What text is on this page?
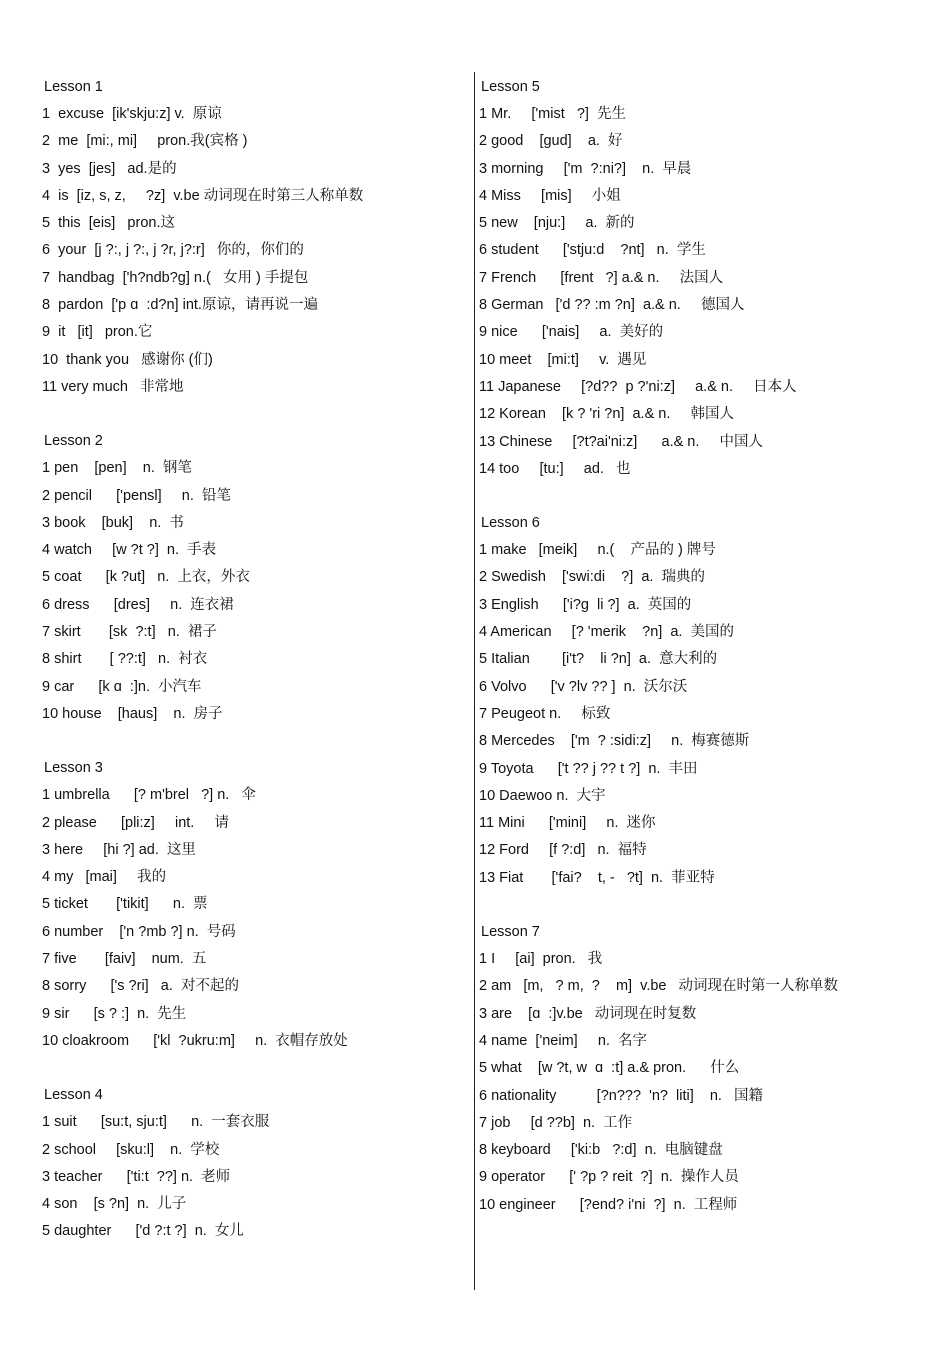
Lesson 1
1  excuse  [ik'skju:z] v.  原谅
2  me  [mi:, mi]     pron.我(宾格 )
3  yes  [jes]   ad.是的
4  is  [iz, s, z,     ?z]  v.be 动词现在时第三人称单数
5  this  [eis]   pron.这
6  your  [j ?:, j ?:, j ?r, j?:r]   你的，你们的
7  handbag  ['h?ndb?g] n.(   女用 ) 手提包
8  pardon  ['p ɑ  :d?n] int.原谅，请再说一遍
9  it   [it]   pron.它
10  thank you   感谢你 (们)
11 very much   非常地
Lesson 2
1 pen    [pen]    n.  钢笔
2 pencil      ['pensl]     n.  铅笔
3 book    [buk]    n.  书
4 watch     [w ?t ?]  n.  手表
5 coat      [k ?ut]   n.  上衣，外衣
6 dress      [dres]     n.  连衣裙
7 skirt       [sk  ?:t]   n.  裙子
8 shirt       [ ??:t]   n.  衬衣
9 car      [k ɑ  :]n.  小汽车
10 house    [haus]    n.  房子
Lesson 3
1 umbrella      [? m'brel   ?] n.   伞
2 please      [pli:z]     int.     请
3 here     [hi ?] ad.  这里
4 my   [mai]     我的
5 ticket       ['tikit]      n.  票
6 number    ['n ?mb ?] n.  号码
7 five       [faiv]    num.  五
8 sorry      ['s ?ri]   a.  对不起的
9 sir      [s ? :]  n.  先生
10 cloakroom      ['kl  ?ukru:m]     n.  衣帽存放处
Lesson 4
1 suit      [su:t, sju:t]      n.  一套衣服
2 school     [sku:l]    n.  学校
3 teacher      ['ti:t  ??] n.  老师
4 son    [s ?n]  n.  儿子
5 daughter      ['d ?:t ?]  n.  女儿
Lesson 5
1 Mr.     ['mist   ?]  先生
2 good    [gud]    a.  好
3 morning     ['m  ?:ni?]    n.  早晨
4 Miss     [mis]     小姐
5 new    [nju:]     a.  新的
6 student      ['stju:d    ?nt]   n.  学生
7 French      [frent   ?] a.& n.     法国人
8 German   ['d ?? :m ?n]  a.& n.     德国人
9 nice      ['nais]     a.  美好的
10 meet    [mi:t]     v.  遇见
11 Japanese     [?d??  p ?'ni:z]     a.& n.     日本人
12 Korean    [k ? 'ri ?n]  a.& n.     韩国人
13 Chinese     [?t?ai'ni:z]      a.& n.     中国人
14 too     [tu:]     ad.   也
Lesson 6
1 make   [meik]     n.(    产品的 ) 牌号
2 Swedish    ['swi:di    ?]  a.  瑞典的
3 English      ['i?g  li ?]  a.  英国的
4 American     [? 'merik    ?n]  a.  美国的
5 Italian        [i't?    li ?n]  a.  意大利的
6 Volvo      ['v ?lv ?? ]  n.  沃尔沃
7 Peugeot n.     标致
8 Mercedes    ['m  ? :sidi:z]     n.  梅赛德斯
9 Toyota      ['t ?? j ?? t ?]  n.  丰田
10 Daewoo n.  大宇
11 Mini      ['mini]     n.  迷你
12 Ford     [f ?:d]   n.  福特
13 Fiat       ['fai?    t, -   ?t]  n.  菲亚特
Lesson 7
1 I     [ai]  pron.   我
2 am   [m,   ? m,  ?    m]  v.be   动词现在时第一人称单数
3 are    [ɑ  :]v.be   动词现在时复数
4 name  ['neim]     n.  名字
5 what    [w ?t, w  ɑ  :t] a.& pron.      什么
6 nationality          [?n???  'n?  liti]    n.   国籍
7 job     [d ??b]  n.  工作
8 keyboard     ['ki:b   ?:d]  n.  电脑键盘
9 operator      [' ?p ? reit  ?]  n.  操作人员
10 engineer      [?end? i'ni  ?]  n.  工程师
